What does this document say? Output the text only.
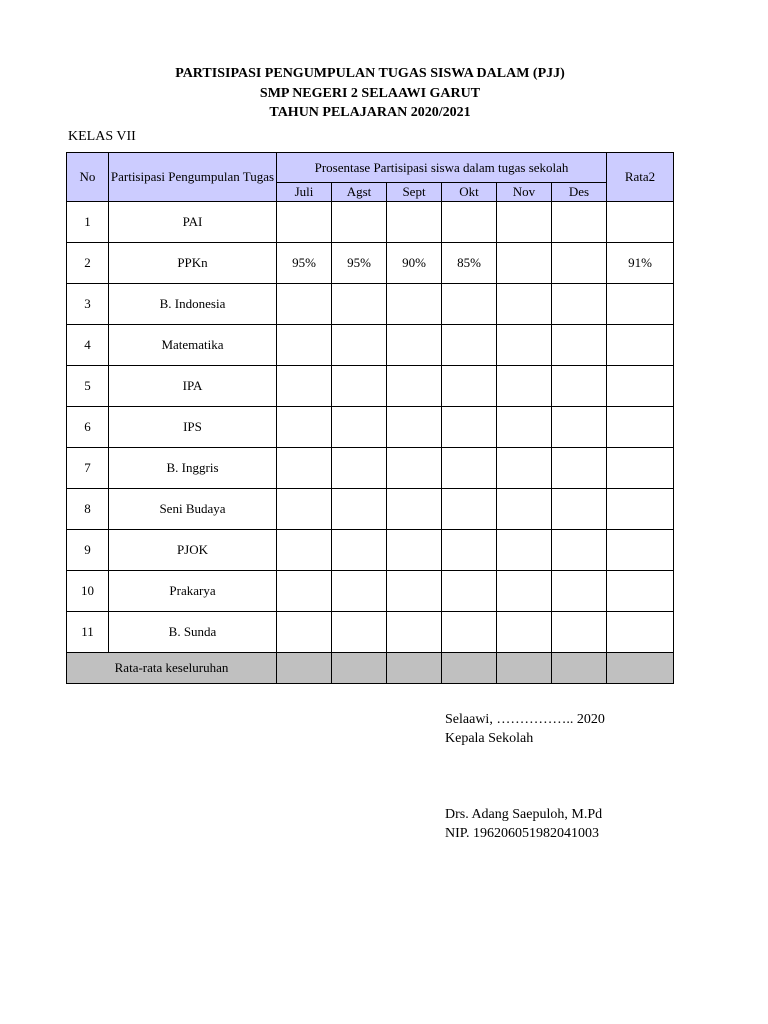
PARTISIPASI PENGUMPULAN TUGAS SISWA DALAM (PJJ)
SMP NEGERI 2 SELAAWI GARUT
TAHUN PELAJARAN 2020/2021
KELAS VII
No	Partisipasi Pengumpulan Tugas	Prosentase Partisipasi siswa dalam tugas sekolah						Rata2
		Juli	Agst	Sept	Okt	Nov	Des	
1	PAI							
2	PPKn	95%	95%	90%	85%			91%
3	B. Indonesia							
4	Matematika							
5	IPA							
6	IPS							
7	B. Inggris							
8	Seni Budaya							
9	PJOK							
10	Prakarya							
11	B. Sunda							
Rata-rata keseluruhan								
Selaawi, …………….. 2020
Kepala Sekolah
Drs. Adang Saepuloh, M.Pd
NIP. 196206051982041003
